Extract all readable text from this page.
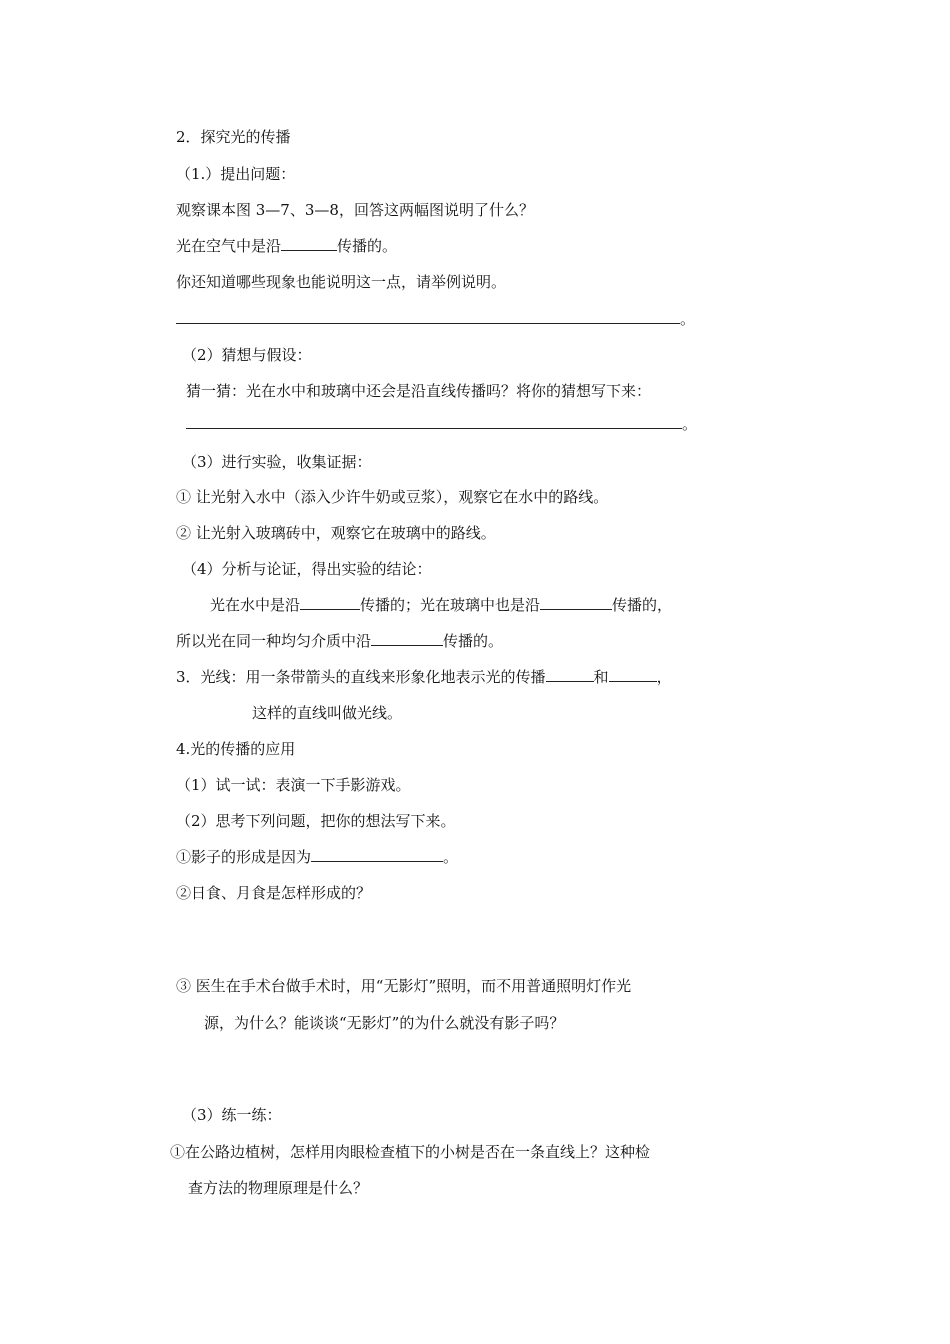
2．探究光的传播
（1.）提出问题：
观察课本图 3—7、3—8，回答这两幅图说明了什么？
光在空气中是沿	传播的。
你还知道哪些现象也能说明这一点，请举例说明。
。
（2）猜想与假设：
猜一猜：光在水中和玻璃中还会是沿直线传播吗？将你的猜想写下来：
。
（3）进行实验，收集证据：
① 让光射入水中（添入少许牛奶或豆浆），观察它在水中的路线。
② 让光射入玻璃砖中，观察它在玻璃中的路线。
（4）分析与论证，得出实验的结论：
光在水中是沿	传播的；光在玻璃中也是沿	传播的，
所以光在同一种均匀介质中沿	传播的。
3．光线：用一条带箭头的直线来形象化地表示光的传播	和	，
这样的直线叫做光线。
4.光的传播的应用
（1）试一试：表演一下手影游戏。
（2）思考下列问题，把你的想法写下来。
①影子的形成是因为	。
②日食、月食是怎样形成的？
③ 医生在手术台做手术时，用“无影灯”照明，而不用普通照明灯作光
源，为什么？能谈谈“无影灯”的为什么就没有影子吗？
（3）练一练：
①在公路边植树，怎样用肉眼检查植下的小树是否在一条直线上？这种检
查方法的物理原理是什么？
